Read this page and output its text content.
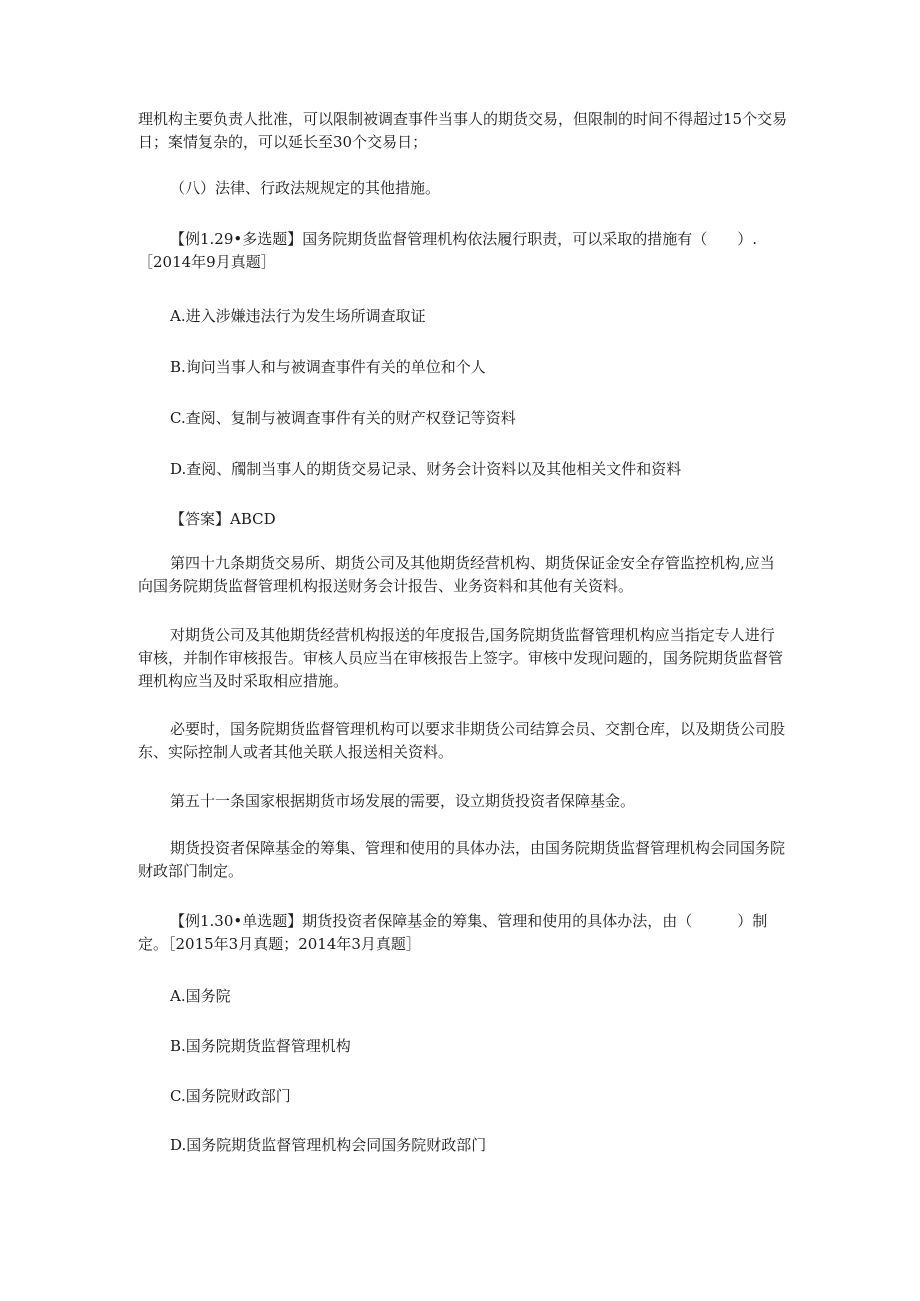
理机构主要负责人批准，可以限制被调查事件当事人的期货交易，但限制的时间不得超过15个交易日；案情复杂的，可以延长至30个交易日；

（八）法律、行政法规规定的其他措施。

【例1.29•多选题】国务院期货监督管理机构依法履行职责，可以采取的措施有（　　）.［2014年9月真题］

A.进入涉嫌违法行为发生场所调查取证

B.询问当事人和与被调查事件有关的单位和个人

C.查阅、复制与被调查事件有关的财产权登记等资料

D.查阅、斶制当事人的期货交易记录、财务会计资料以及其他相关文件和资料

【答案】ABCD

第四十九条期货交易所、期货公司及其他期货经营机构、期货保证金安全存管监控机构,应当向国务院期货监督管理机构报送财务会计报告、业务资料和其他有关资料。

对期货公司及其他期货经营机构报送的年度报告,国务院期货监督管理机构应当指定专人进行审核，并制作审核报告。审核人员应当在审核报告上签字。审核中发现问题的，国务院期货监督管理机构应当及时采取相应措施。

必要时，国务院期货监督管理机构可以要求非期货公司结算会员、交割仓库，以及期货公司股东、实际控制人或者其他关联人报送相关资料。

第五十一条国家根据期货市场发展的需要，设立期货投资者保障基金。

期货投资者保障基金的筹集、管理和使用的具体办法，由国务院期货监督管理机构会同国务院财政部门制定。

【例1.30•单选题】期货投资者保障基金的筹集、管理和使用的具体办法，由（　　　）制定。［2015年3月真题；2014年3月真题］

A.国务院

B.国务院期货监督管理机构

C.国务院财政部门

D.国务院期货监督管理机构会同国务院财政部门
